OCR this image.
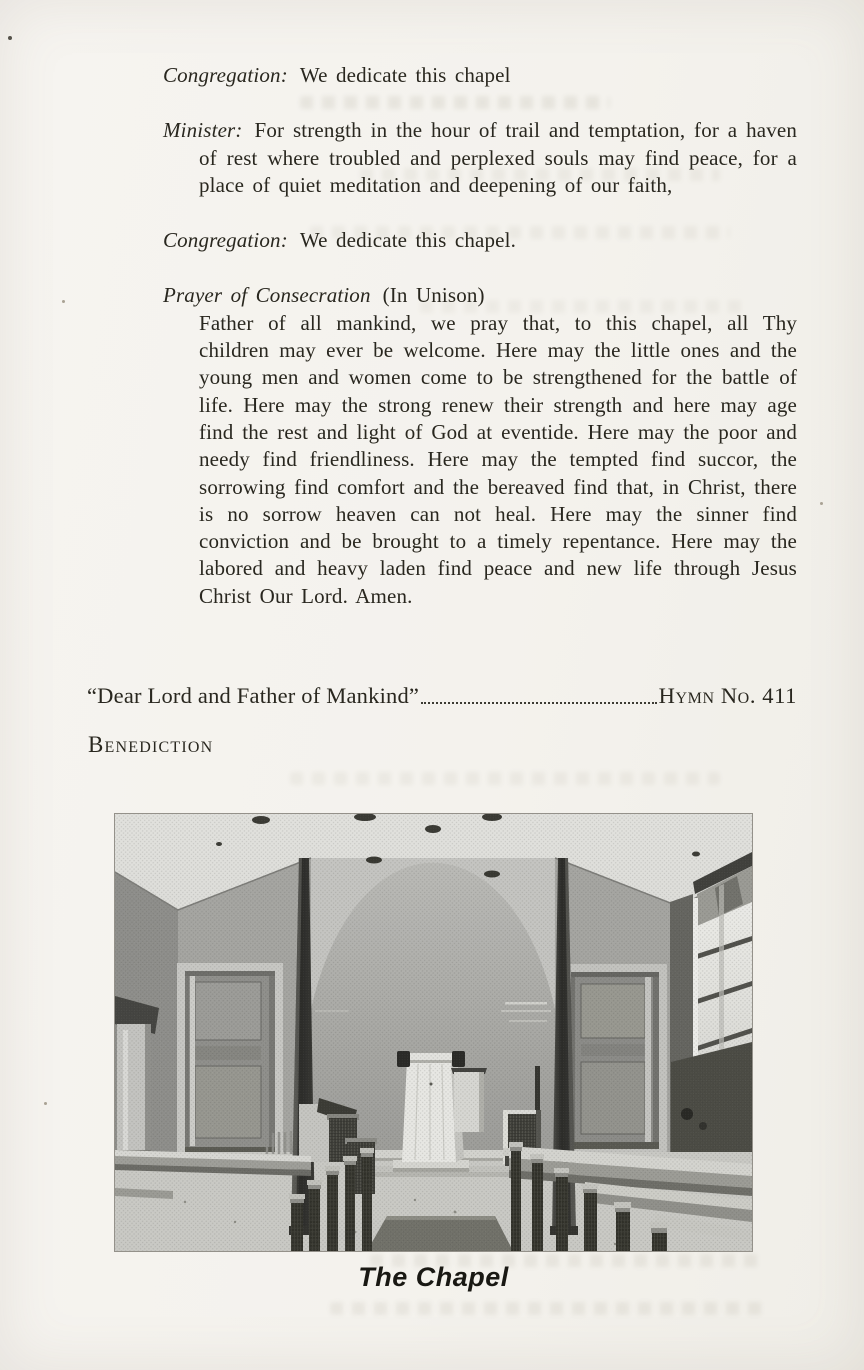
Congregation: We dedicate this chapel

Minister: For strength in the hour of trail and temptation, for a haven of rest where troubled and perplexed souls may find peace, for a place of quiet meditation and deepening of our faith,

Congregation: We dedicate this chapel.

Prayer of Consecration (In Unison)

Father of all mankind, we pray that, to this chapel, all Thy children may ever be welcome. Here may the little ones and the young men and women come to be strengthened for the battle of life. Here may the strong renew their strength and here may age find the rest and light of God at eventide. Here may the poor and needy find friendliness. Here may the tempted find succor, the sorrowing find comfort and the bereaved find that, in Christ, there is no sorrow heaven can not heal. Here may the sinner find conviction and be brought to a timely repentance. Here may the labored and heavy laden find peace and new life through Jesus Christ Our Lord. Amen.

“Dear Lord and Father of Mankind”	Hymn No. 411
Benediction
The Chapel
